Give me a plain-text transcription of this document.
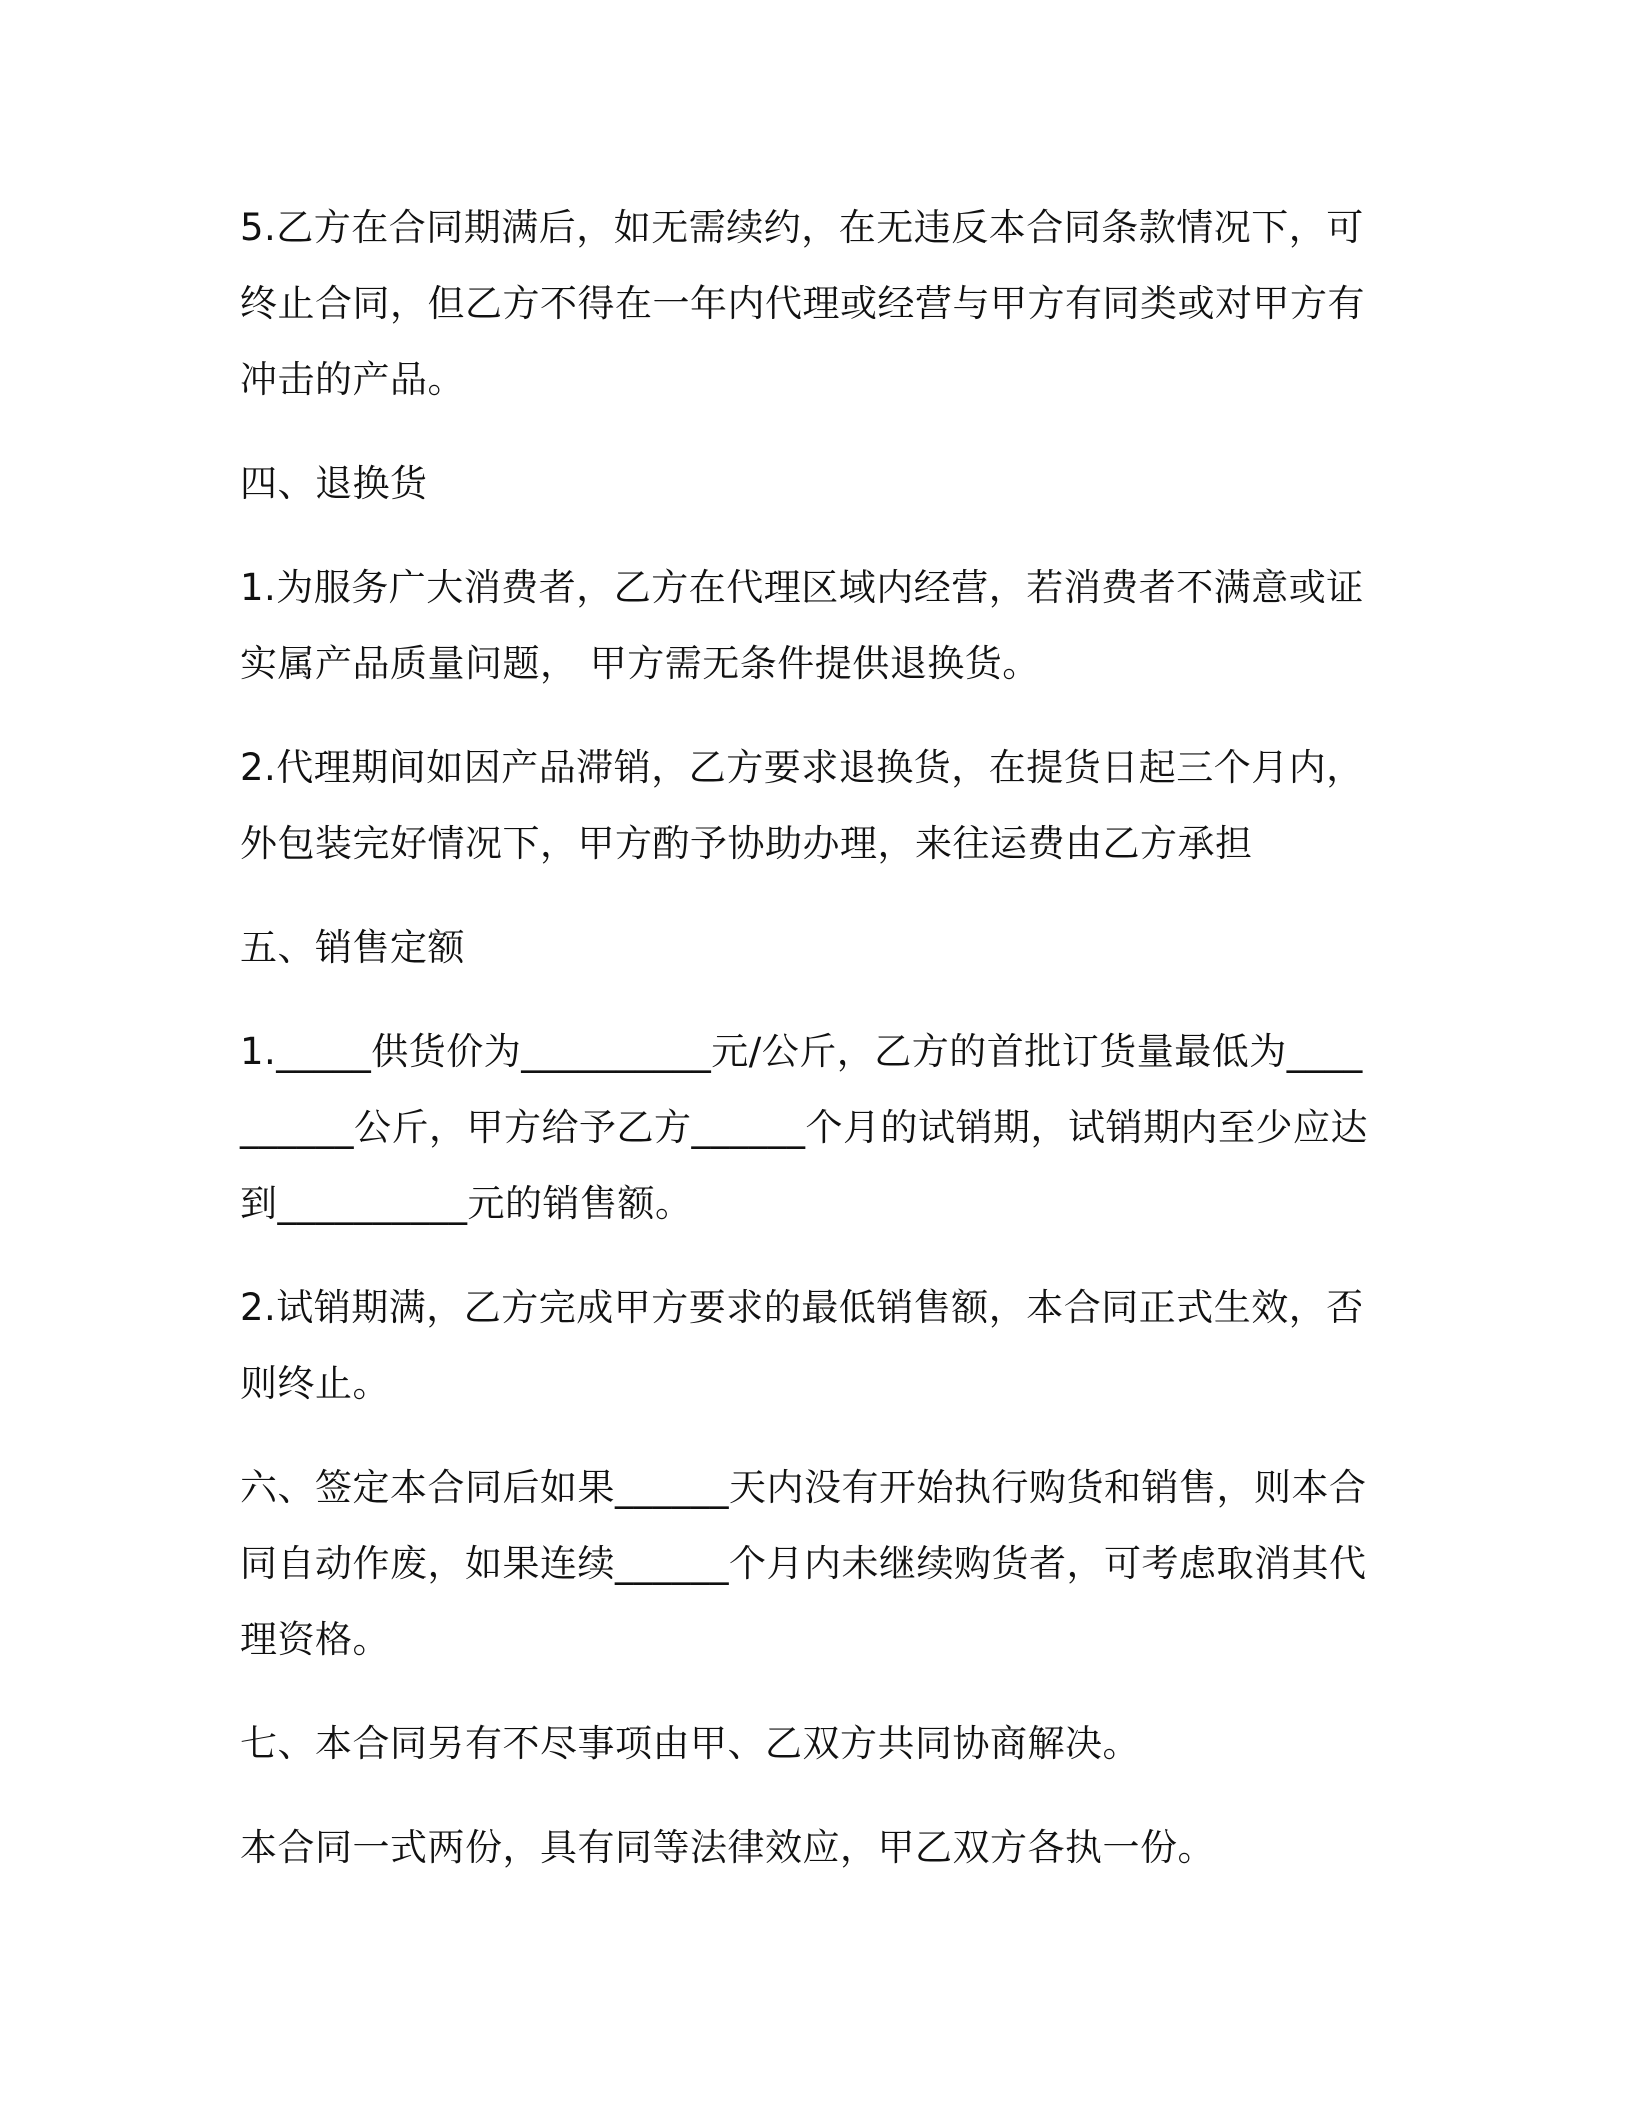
5.乙方在合同期满后，如无需续约，在无违反本合同条款情况下，可终止合同，但乙方不得在一年内代理或经营与甲方有同类或对甲方有冲击的产品。

四、退换货

1.为服务广大消费者，乙方在代理区域内经营，若消费者不满意或证实属产品质量问题， 甲方需无条件提供退换货。

2.代理期间如因产品滞销，乙方要求退换货，在提货日起三个月内，外包装完好情况下，甲方酌予协助办理，来往运费由乙方承担

五、销售定额

1._____供货价为__________元/公斤，乙方的首批订货量最低为__________公斤，甲方给予乙方______个月的试销期，试销期内至少应达到__________元的销售额。

2.试销期满，乙方完成甲方要求的最低销售额，本合同正式生效，否则终止。

六、签定本合同后如果______天内没有开始执行购货和销售，则本合同自动作废，如果连续______个月内未继续购货者，可考虑取消其代理资格。

七、本合同另有不尽事项由甲、乙双方共同协商解决。

本合同一式两份，具有同等法律效应，甲乙双方各执一份。
